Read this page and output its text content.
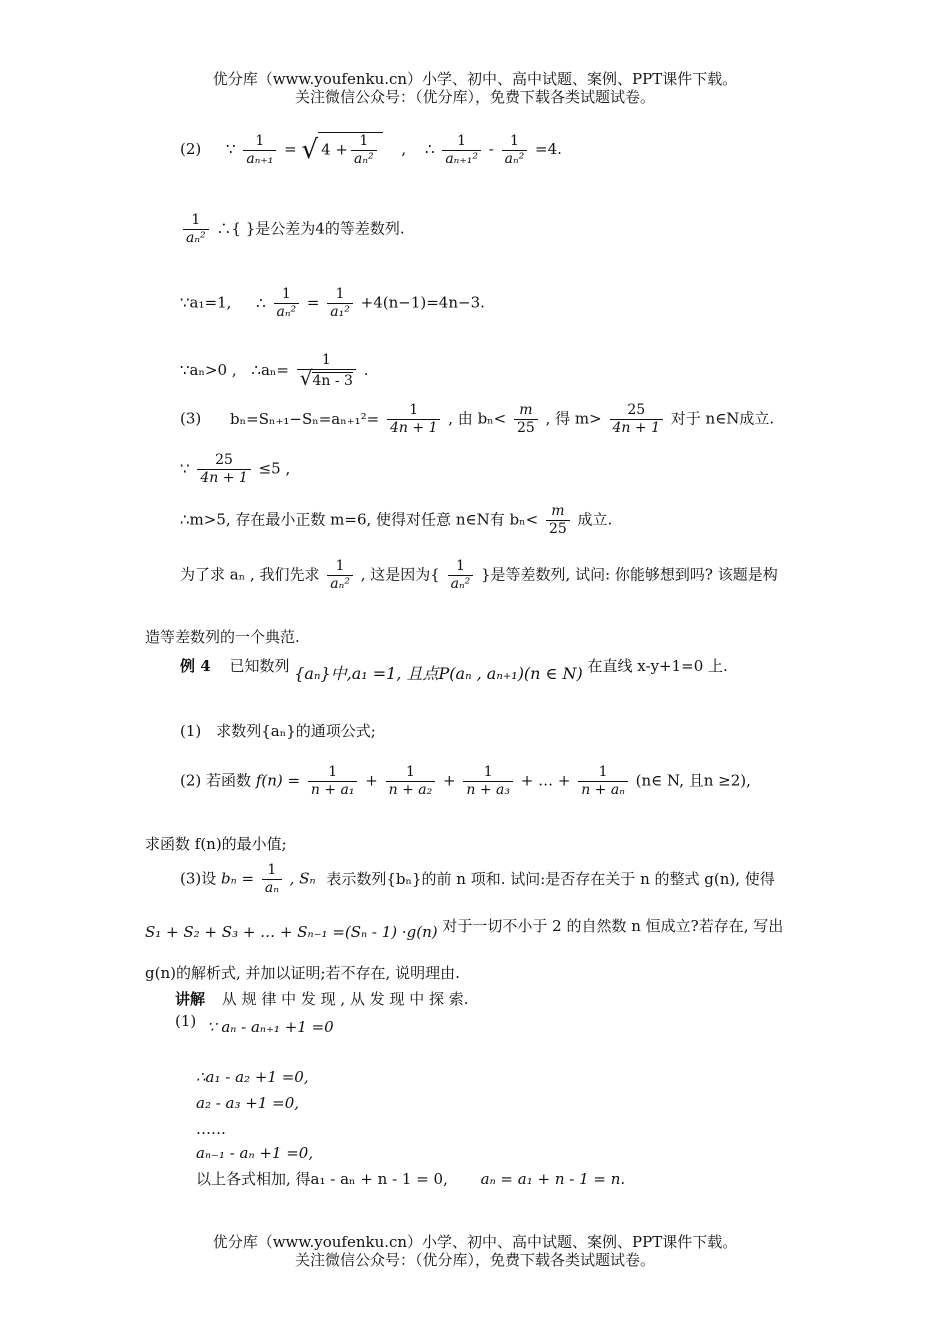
优分库（www.youfenku.cn）小学、初中、高中试题、案例、PPT课件下载。
关注微信公众号：（优分库），免费下载各类试题试卷。
(2) ∵ $\frac{1}{\text{aₙ₊₁}}$ = √ $4 + \frac{1}{\text{aₙ²}}$ , ∴ $\frac{1}{\text{aₙ₊₁²}} - \frac{1}{\text{aₙ²}} =4$.
$\frac{1}{\text{aₙ²}}$ ∴{ }是公差为4的等差数列.
∵a₁=1, ∴ $\frac{1}{\text{aₙ²}} = \frac{1}{\text{a₁²}} +4(n-1)=4n-3$.
∵aₙ>0 , ∴aₙ= $\frac{1}{√4n - 3}$ .
(3) $b_n=S_{n+1}-S_n=a_{n+1}^2= \frac{1}{4n + 1}$ , 由 $b_n< \frac{m}{25}$ , 得 $m> \frac{25}{4n + 1}$ 对于 n∈N成立.
∵ $\frac{25}{4n + 1} \le 5$ ,
∴m>5, 存在最小正数 m=6, 使得对任意 n∈N有 $b_n< \frac{m}{25}$ 成立.
为了求 aₙ , 我们先求 $\frac{1}{\text{aₙ²}}$ , 这是因为{ $\frac{1}{\text{aₙ²}}$ }是等差数列, 试问: 你能够想到吗? 该题是构
造等差数列的一个典范.
例 4 已知数列 {aₙ}中,a₁ =1, 且点P(aₙ , aₙ₊₁)(n ∈ N) 在直线 x-y+1=0 上.
(1)　求数列{aₙ}的通项公式;
(2) 若函数 $f(n) = \frac{1}{\text{n + a₁}} + \frac{1}{\text{n + a₂}} + \frac{1}{\text{n + a₃}}$ + … + $\frac{1}{\text{n + aₙ}}$ (n∈ N, 且n ≥2),
求函数 f(n)的最小值;
(3)设 $b_n = \frac{1}{\text{aₙ}}$ , Sₙ 表示数列{bₙ}的前 n 项和. 试问:是否存在关于 n 的整式 g(n), 使得
S₁ + S₂ + S₃ + … + Sₙ₋₁ =(Sₙ - 1) ·g(n) 对于一切不小于 2 的自然数 n 恒成立?若存在, 写出
g(n)的解析式, 并加以证明;若不存在, 说明理由.
讲解 从 规 律 中 发 现 , 从 发 现 中 探 索.
(1) ∵ aₙ - aₙ₊₁ +1 =0
∴a₁ - a₂ +1 =0,
a₂ - a₃ +1 =0,
……
aₙ₋₁ - aₙ +1 =0,
以上各式相加, 得a₁ - aₙ + n - 1 = 0, aₙ = a₁ + n - 1 = n.
优分库（www.youfenku.cn）小学、初中、高中试题、案例、PPT课件下载。
关注微信公众号：（优分库），免费下载各类试题试卷。
